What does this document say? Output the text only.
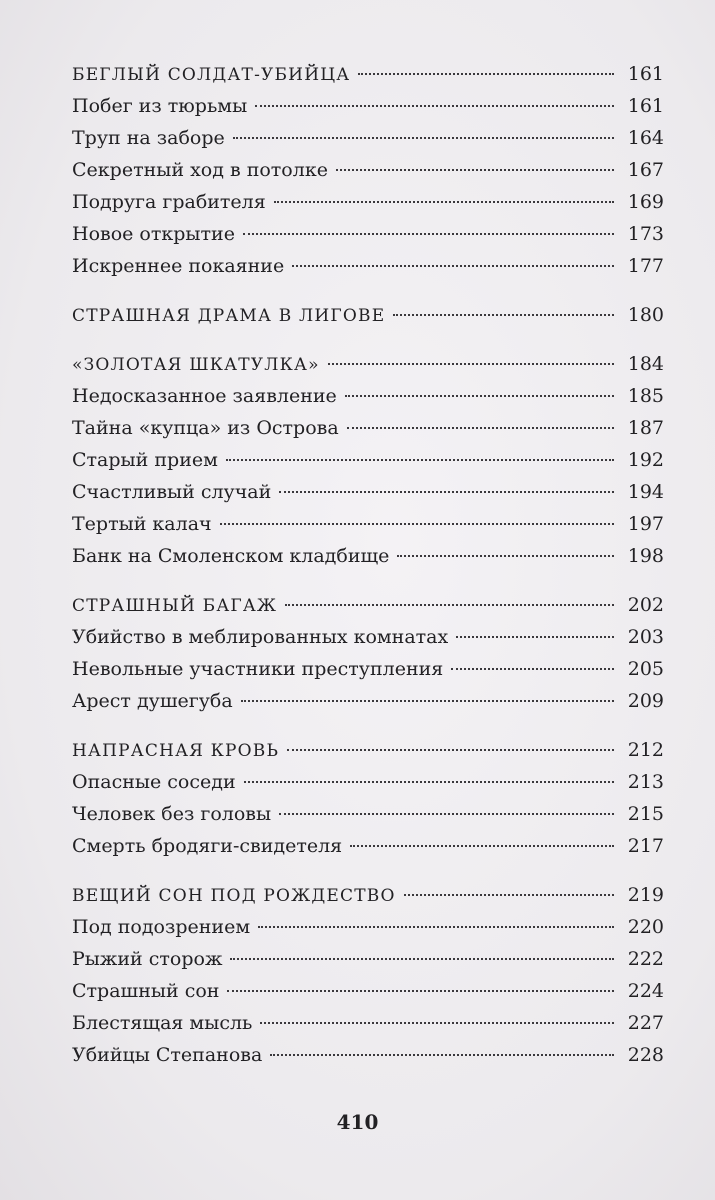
БЕГЛЫЙ СОЛДАТ-УБИЙЦА	161
Побег из тюрьмы	161
Труп на заборе	164
Секретный ход в потолке	167
Подруга грабителя	169
Новое открытие	173
Искреннее покаяние	177
СТРАШНАЯ ДРАМА В ЛИГОВЕ	180
«ЗОЛОТАЯ ШКАТУЛКА»	184
Недосказанное заявление	185
Тайна «купца» из Острова	187
Старый прием	192
Счастливый случай	194
Тертый калач	197
Банк на Смоленском кладбище	198
СТРАШНЫЙ БАГАЖ	202
Убийство в меблированных комнатах	203
Невольные участники преступления	205
Арест душегуба	209
НАПРАСНАЯ КРОВЬ	212
Опасные соседи	213
Человек без головы	215
Смерть бродяги-свидетеля	217
ВЕЩИЙ СОН ПОД РОЖДЕСТВО	219
Под подозрением	220
Рыжий сторож	222
Страшный сон	224
Блестящая мысль	227
Убийцы Степанова	228
410
